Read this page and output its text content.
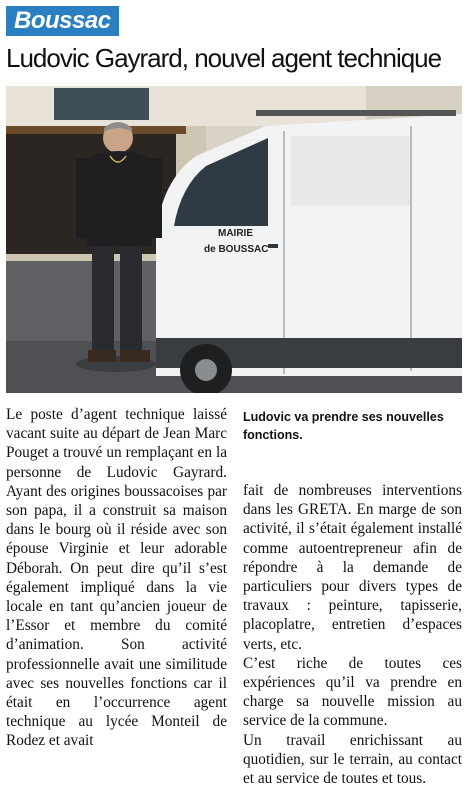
Boussac
Ludovic Gayrard, nouvel agent technique
MAIRIE
de BOUSSAC
Ludovic va prendre ses nouvelles fonctions.

Le poste d’agent technique laissé vacant suite au départ de Jean Marc Pouget a trouvé un remplaçant en la personne de Ludovic Gayrard. Ayant des origines boussacoises par son papa, il a construit sa maison dans le bourg où il réside avec son épouse Virginie et leur adorable Déborah. On peut dire qu’il s’est également impliqué dans la vie locale en tant qu’ancien joueur de l’Essor et membre du comité d’animation. Son activité professionnelle avait une similitude avec ses nouvelles fonctions car il était en l’occurrence agent technique au lycée Monteil de Rodez et avait

fait de nombreuses interventions dans les GRETA. En marge de son activité, il s’était également installé comme autoentrepreneur afin de répondre à la demande de particuliers pour divers types de travaux : peinture, tapisserie, placoplatre, entretien d’espaces verts, etc.

C’est riche de toutes ces expériences qu’il va prendre en charge sa nouvelle mission au service de la commune.

Un travail enrichissant au quotidien, sur le terrain, au contact et au service de toutes et tous.
